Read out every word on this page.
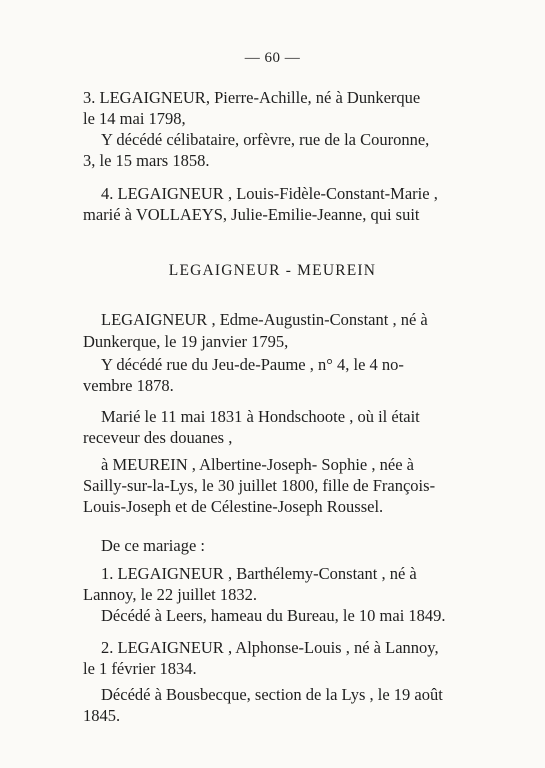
— 60 —
3. LEGAIGNEUR, Pierre-Achille, né à Dunkerque
le 14 mai 1798,
Y décédé célibataire, orfèvre, rue de la Couronne,
3, le 15 mars 1858.
4. LEGAIGNEUR , Louis-Fidèle-Constant-Marie ,
marié à VOLLAEYS, Julie-Emilie-Jeanne, qui suit
LEGAIGNEUR - MEUREIN
LEGAIGNEUR , Edme-Augustin-Constant , né à
Dunkerque, le 19 janvier 1795,
Y décédé rue du Jeu-de-Paume , n° 4, le 4 no-
vembre 1878.
Marié le 11 mai 1831 à Hondschoote , où il était
receveur des douanes ,
à MEUREIN , Albertine-Joseph- Sophie , née à
Sailly-sur-la-Lys, le 30 juillet 1800, fille de François-
Louis-Joseph et de Célestine-Joseph Roussel.
De ce mariage :
1. LEGAIGNEUR , Barthélemy-Constant , né à
Lannoy, le 22 juillet 1832.
Décédé à Leers, hameau du Bureau, le 10 mai 1849.
2. LEGAIGNEUR , Alphonse-Louis , né à Lannoy,
le 1 février 1834.
Décédé à Bousbecque, section de la Lys , le 19 août
1845.
